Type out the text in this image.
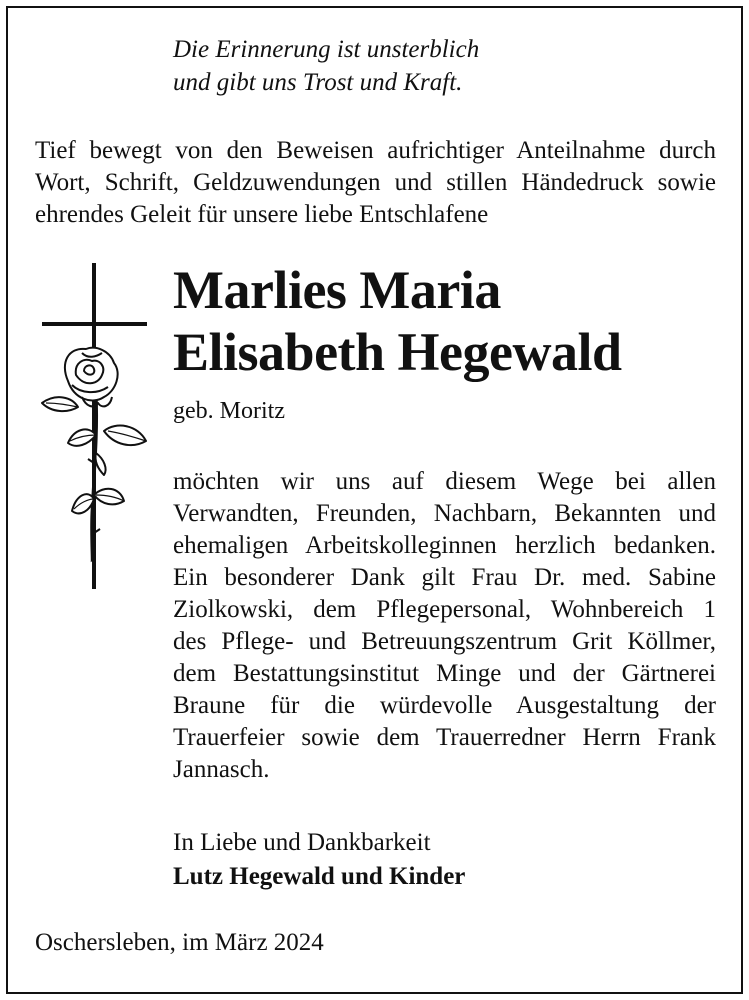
Die Erinnerung ist unsterblich
und gibt uns Trost und Kraft.
Tief bewegt von den Beweisen aufrichtiger Anteilnahme durch
Wort, Schrift, Geldzuwendungen und stillen Händedruck sowie
ehrendes Geleit für unsere liebe Entschlafene
Marlies Maria
Elisabeth Hegewald
geb. Moritz
möchten wir uns auf diesem Wege bei allen
Verwandten, Freunden, Nachbarn, Bekannten und
ehemaligen Arbeitskolleginnen herzlich bedanken.
Ein besonderer Dank gilt Frau Dr. med. Sabine
Ziolkowski, dem Pflegepersonal, Wohnbereich 1
des Pflege- und Betreuungszentrum Grit Köllmer,
dem Bestattungsinstitut Minge und der Gärtnerei
Braune für die würdevolle Ausgestaltung der
Trauerfeier sowie dem Trauerredner Herrn Frank
Jannasch.
In Liebe und Dankbarkeit
Lutz Hegewald und Kinder
Oschersleben, im März 2024
